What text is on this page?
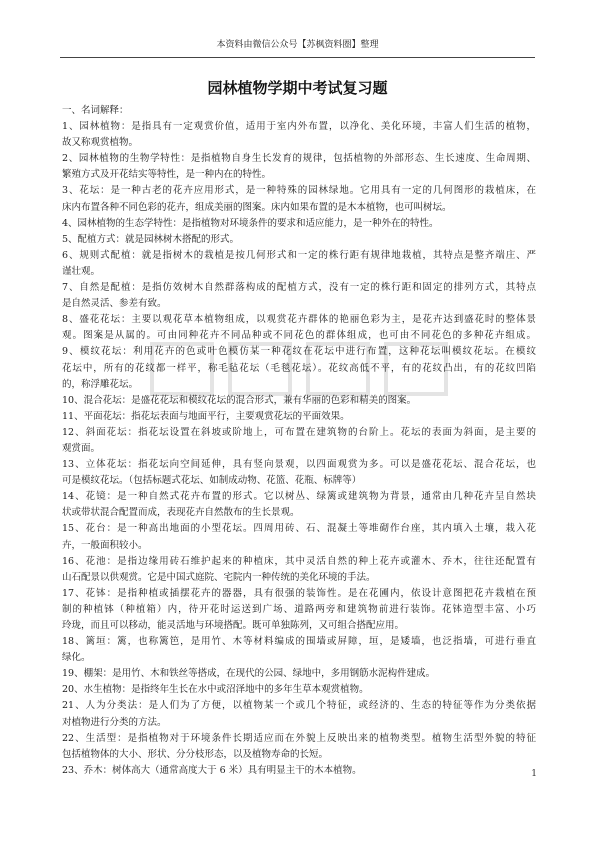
本资料由微信公众号【苏枫资料圈】整理
园林植物学期中考试复习题
一、名词解释：
1、园林植物：是指具有一定观赏价值，适用于室内外布置，以净化、美化环境，丰富人们生活的植物，
故又称观赏植物。
2、园林植物的生物学特性：是指植物自身生长发育的规律，包括植物的外部形态、生长速度、生命周期、
繁殖方式及开花结实等特性，是一种内在的特性。
3、花坛：是一种古老的花卉应用形式，是一种特殊的园林绿地。它用具有一定的几何图形的栽植床，在
床内布置各种不同色彩的花卉，组成美丽的图案。床内如果布置的是木本植物，也可叫树坛。
4、园林植物的生态学特性：是指植物对环境条件的要求和适应能力，是一种外在的特性。
5、配植方式：就是园林树木搭配的形式。
6、规则式配植：就是指树木的栽植是按几何形式和一定的株行距有规律地栽植，其特点是整齐端庄、严
谨壮观。
7、自然是配植：是指仿效树木自然群落构成的配植方式，没有一定的株行距和固定的排列方式，其特点
是自然灵活、参差有致。
8、盛花花坛：主要以观花草本植物组成，以观赏花卉群体的艳丽色彩为主，是花卉达到盛花时的整体景
观。图案是从属的。可由同种花卉不同品种或不同花色的群体组成，也可由不同花色的多种花卉组成。
9、模纹花坛：利用花卉的色或叶色模仿某一种花纹在花坛中进行布置，这种花坛叫模纹花坛。在模纹
花坛中，所有的花纹都一样平，称毛毡花坛（毛毯花坛）。花纹高低不平，有的花纹凸出，有的花纹凹陷
的，称浮雕花坛。
10、混合花坛：是盛花花坛和模纹花坛的混合形式，兼有华丽的色彩和精美的图案。
11、平面花坛：指花坛表面与地面平行，主要观赏花坛的平面效果。
12、斜面花坛：指花坛设置在斜坡或阶地上，可布置在建筑物的台阶上。花坛的表面为斜面，是主要的
观赏面。
13、立体花坛：指花坛向空间延伸，具有竖向景观，以四面观赏为多。可以是盛花花坛、混合花坛，也
可是模纹花坛。（包括标题式花坛、如制成动物、花篮、花瓶、标牌等）
14、花镜：是一种自然式花卉布置的形式。它以树丛、绿篱或建筑物为背景，通常由几种花卉呈自然块
状或带状混合配置而成，表现花卉自然散布的生长景观。
15、花台：是一种高出地面的小型花坛。四周用砖、石、混凝土等堆砌作台座，其内填入土壤，栽入花
卉，一般面积较小。
16、花池：是指边缘用砖石维护起来的种植床，其中灵活自然的种上花卉或灌木、乔木，往往还配置有
山石配景以供观赏。它是中国式庭院、宅院内一种传统的美化环境的手法。
17、花钵：是指种植或插摆花卉的器器，具有很强的装饰性。是在花圃内，依设计意图把花卉栽植在预
制的种植钵（种植箱）内，待开花时运送到广场、道路两旁和建筑物前进行装饰。花钵造型丰富、小巧
玲珑，而且可以移动，能灵活地与环境搭配。既可单独陈列，又可组合搭配应用。
18、篱垣：篱，也称篱笆，是用竹、木等材料编成的围墙或屏障，垣，是矮墙，也泛指墙，可进行垂直
绿化。
19、棚架：是用竹、木和铁丝等搭成，在现代的公园、绿地中，多用钢筋水泥构件建成。
20、水生植物：是指终年生长在水中或沼泽地中的多年生草本观赏植物。
21、人为分类法：是人们为了方便，以植物某一个或几个特征，或经济的、生态的特征等作为分类依据
对植物进行分类的方法。
22、生活型：是指植物对于环境条件长期适应而在外貌上反映出来的植物类型。植物生活型外貌的特征
包括植物体的大小、形状、分分枝形态，以及植物寿命的长短。
23、乔木：树体高大（通常高度大于 6 米）具有明显主干的木本植物。	1
